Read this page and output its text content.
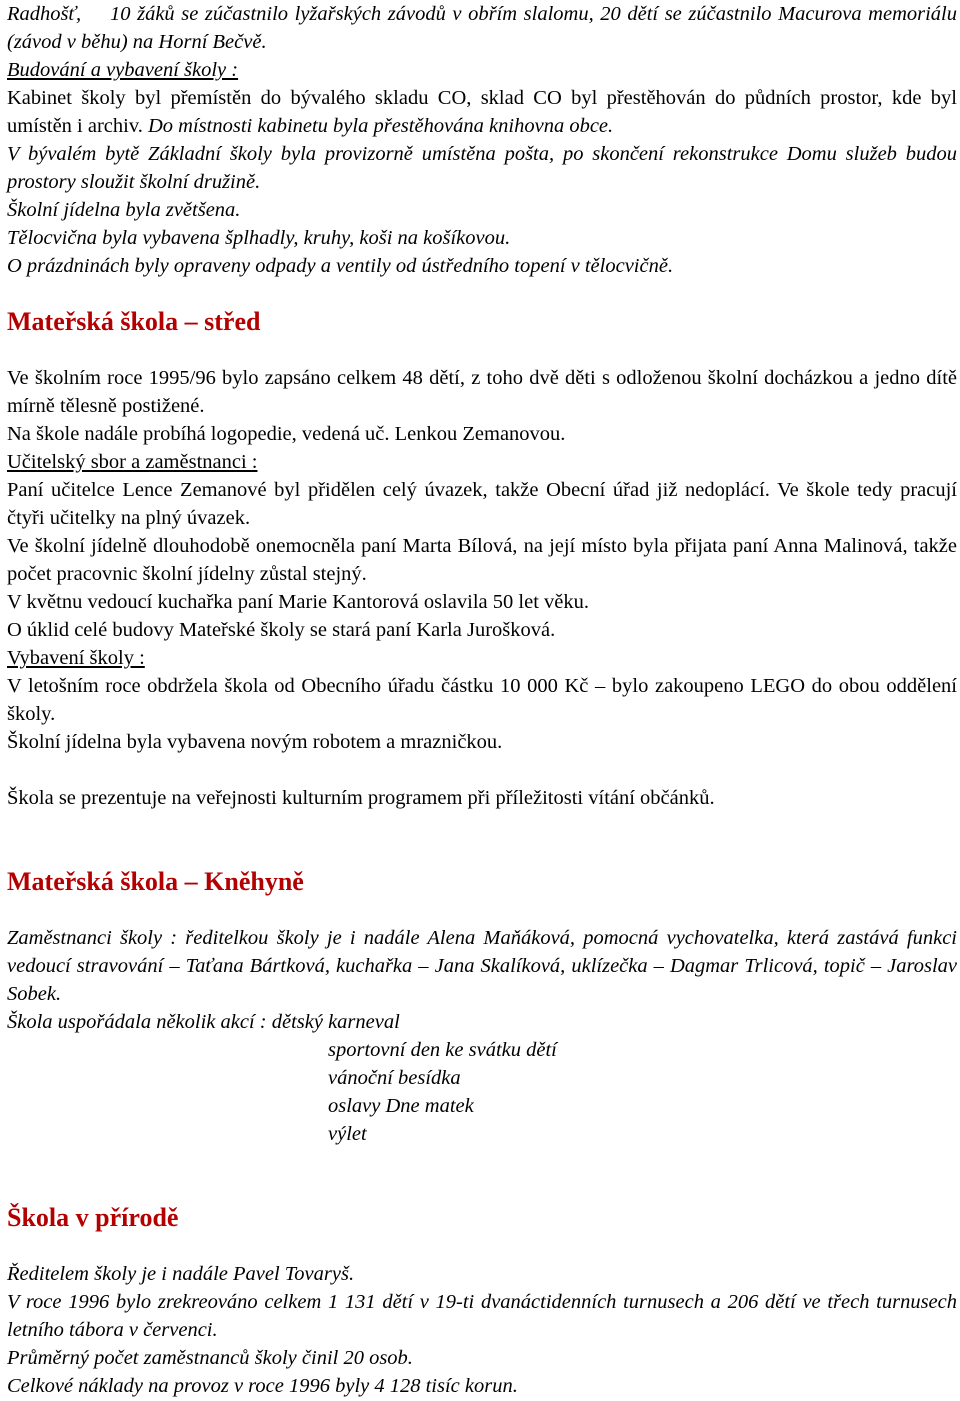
Radhošť, 10 žáků se zúčastnilo lyžařských závodů v obřím slalomu, 20 dětí se zúčastnilo Macurova memoriálu (závod v běhu) na Horní Bečvě.

Budování a vybavení školy :

Kabinet školy byl přemístěn do bývalého skladu CO, sklad CO byl přestěhován do půdních prostor, kde byl umístěn i archiv. Do místnosti kabinetu byla přestěhována knihovna obce.

V bývalém bytě Základní školy byla provizorně umístěna pošta, po skončení rekonstrukce Domu služeb budou prostory sloužit školní družině.

Školní jídelna byla zvětšena.

Tělocvična byla vybavena šplhadly, kruhy, koši na košíkovou.

O prázdninách byly opraveny odpady a ventily od ústředního topení v tělocvičně.

Mateřská škola – střed

Ve školním roce 1995/96 bylo zapsáno celkem 48 dětí, z toho dvě děti s odloženou školní docházkou a jedno dítě mírně tělesně postižené.

Na škole nadále probíhá logopedie, vedená uč. Lenkou Zemanovou.

Učitelský sbor a zaměstnanci :

Paní učitelce Lence Zemanové byl přidělen celý úvazek, takže Obecní úřad již nedoplácí. Ve škole tedy pracují čtyři učitelky na plný úvazek.

Ve školní jídelně dlouhodobě onemocněla paní Marta Bílová, na její místo byla přijata paní Anna Malinová, takže počet pracovnic školní jídelny zůstal stejný.

V květnu vedoucí kuchařka paní Marie Kantorová oslavila 50 let věku.

O úklid celé budovy Mateřské školy se stará paní Karla Jurošková.

Vybavení školy :

V letošním roce obdržela škola od Obecního úřadu částku 10 000 Kč – bylo zakoupeno LEGO do obou oddělení školy.

Školní jídelna byla vybavena novým robotem a mrazničkou.

Škola se prezentuje na veřejnosti kulturním programem při příležitosti vítání občánků.

Mateřská škola – Kněhyně

Zaměstnanci školy : ředitelkou školy je i nadále Alena Maňáková, pomocná vychovatelka, která zastává funkci vedoucí stravování – Taťana Bártková, kuchařka – Jana Skalíková, uklízečka – Dagmar Trlicová, topič – Jaroslav Sobek.

Škola uspořádala několik akcí : dětský karneval

sportovní den ke svátku dětí
vánoční besídka
oslavy Dne matek
výlet

Škola v přírodě

Ředitelem školy je i nadále Pavel Tovaryš.

V roce 1996 bylo zrekreováno celkem 1 131 dětí v 19-ti dvanáctidenních turnusech a 206 dětí ve třech turnusech letního tábora v červenci.

Průměrný počet zaměstnanců školy činil 20 osob.

Celkové náklady na provoz v roce 1996 byly 4 128 tisíc korun.
